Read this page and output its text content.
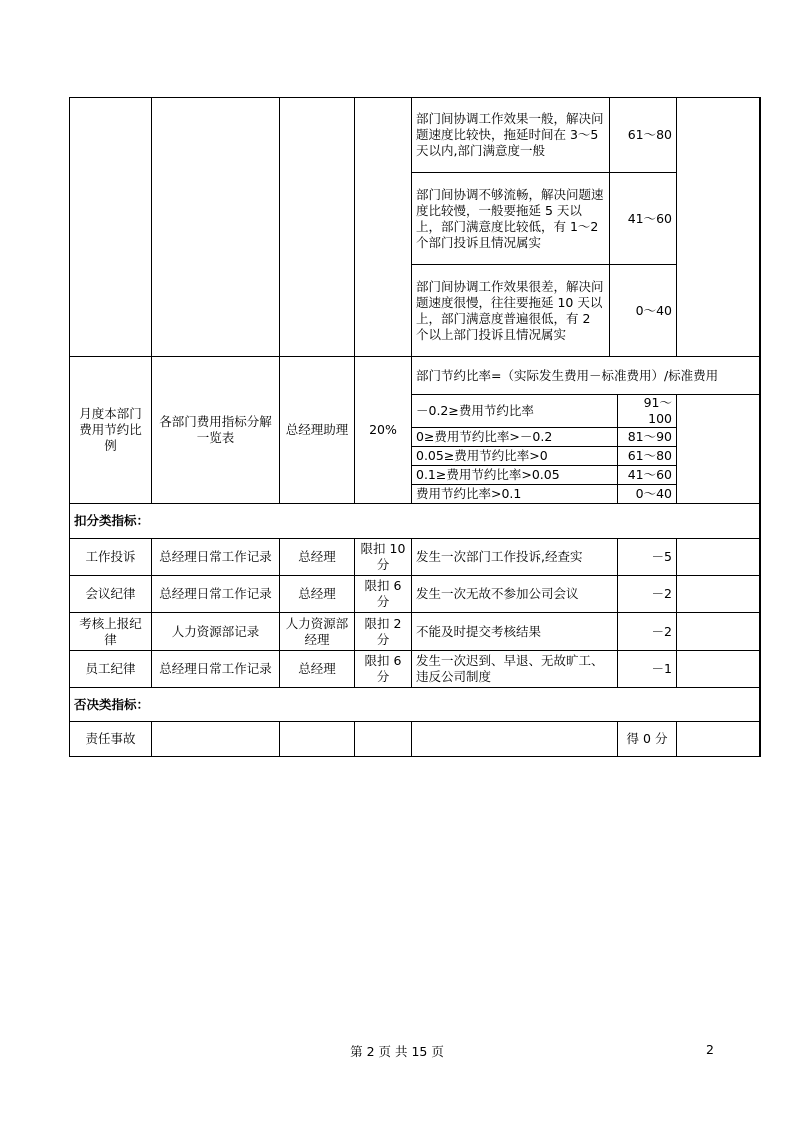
				部门间协调工作效果一般，解决问题速度比较快，拖延时间在 3～5 天以内,部门满意度一般	61～80		
				部门间协调不够流畅，解决问题速度比较慢，一般要拖延 5 天以上，部门满意度比较低，有 1～2 个部门投诉且情况属实	41～60		
				部门间协调工作效果很差，解决问题速度很慢，往往要拖延 10 天以上，部门满意度普遍很低，有 2 个以上部门投诉且情况属实	0～40		
月度本部门费用节约比例	各部门费用指标分解一览表	总经理助理	20%	部门节约比率=（实际发生费用－标准费用）/标准费用			
				－0.2≥费用节约比率		91～100	
				0≥费用节约比率>－0.2		81～90	
				0.05≥费用节约比率>0		61～80	
				0.1≥费用节约比率>0.05		41～60	
				费用节约比率>0.1		0～40	
扣分类指标：							
工作投诉	总经理日常工作记录	总经理	限扣 10 分	发生一次部门工作投诉,经查实		－5	
会议纪律	总经理日常工作记录	总经理	限扣 6 分	发生一次无故不参加公司会议		－2	
考核上报纪律	人力资源部记录	人力资源部经理	限扣 2 分	不能及时提交考核结果		－2	
员工纪律	总经理日常工作记录	总经理	限扣 6 分	发生一次迟到、早退、无故旷工、违反公司制度		－1	
否决类指标：							
责任事故						得 0 分	
第 2 页 共 15 页	2
